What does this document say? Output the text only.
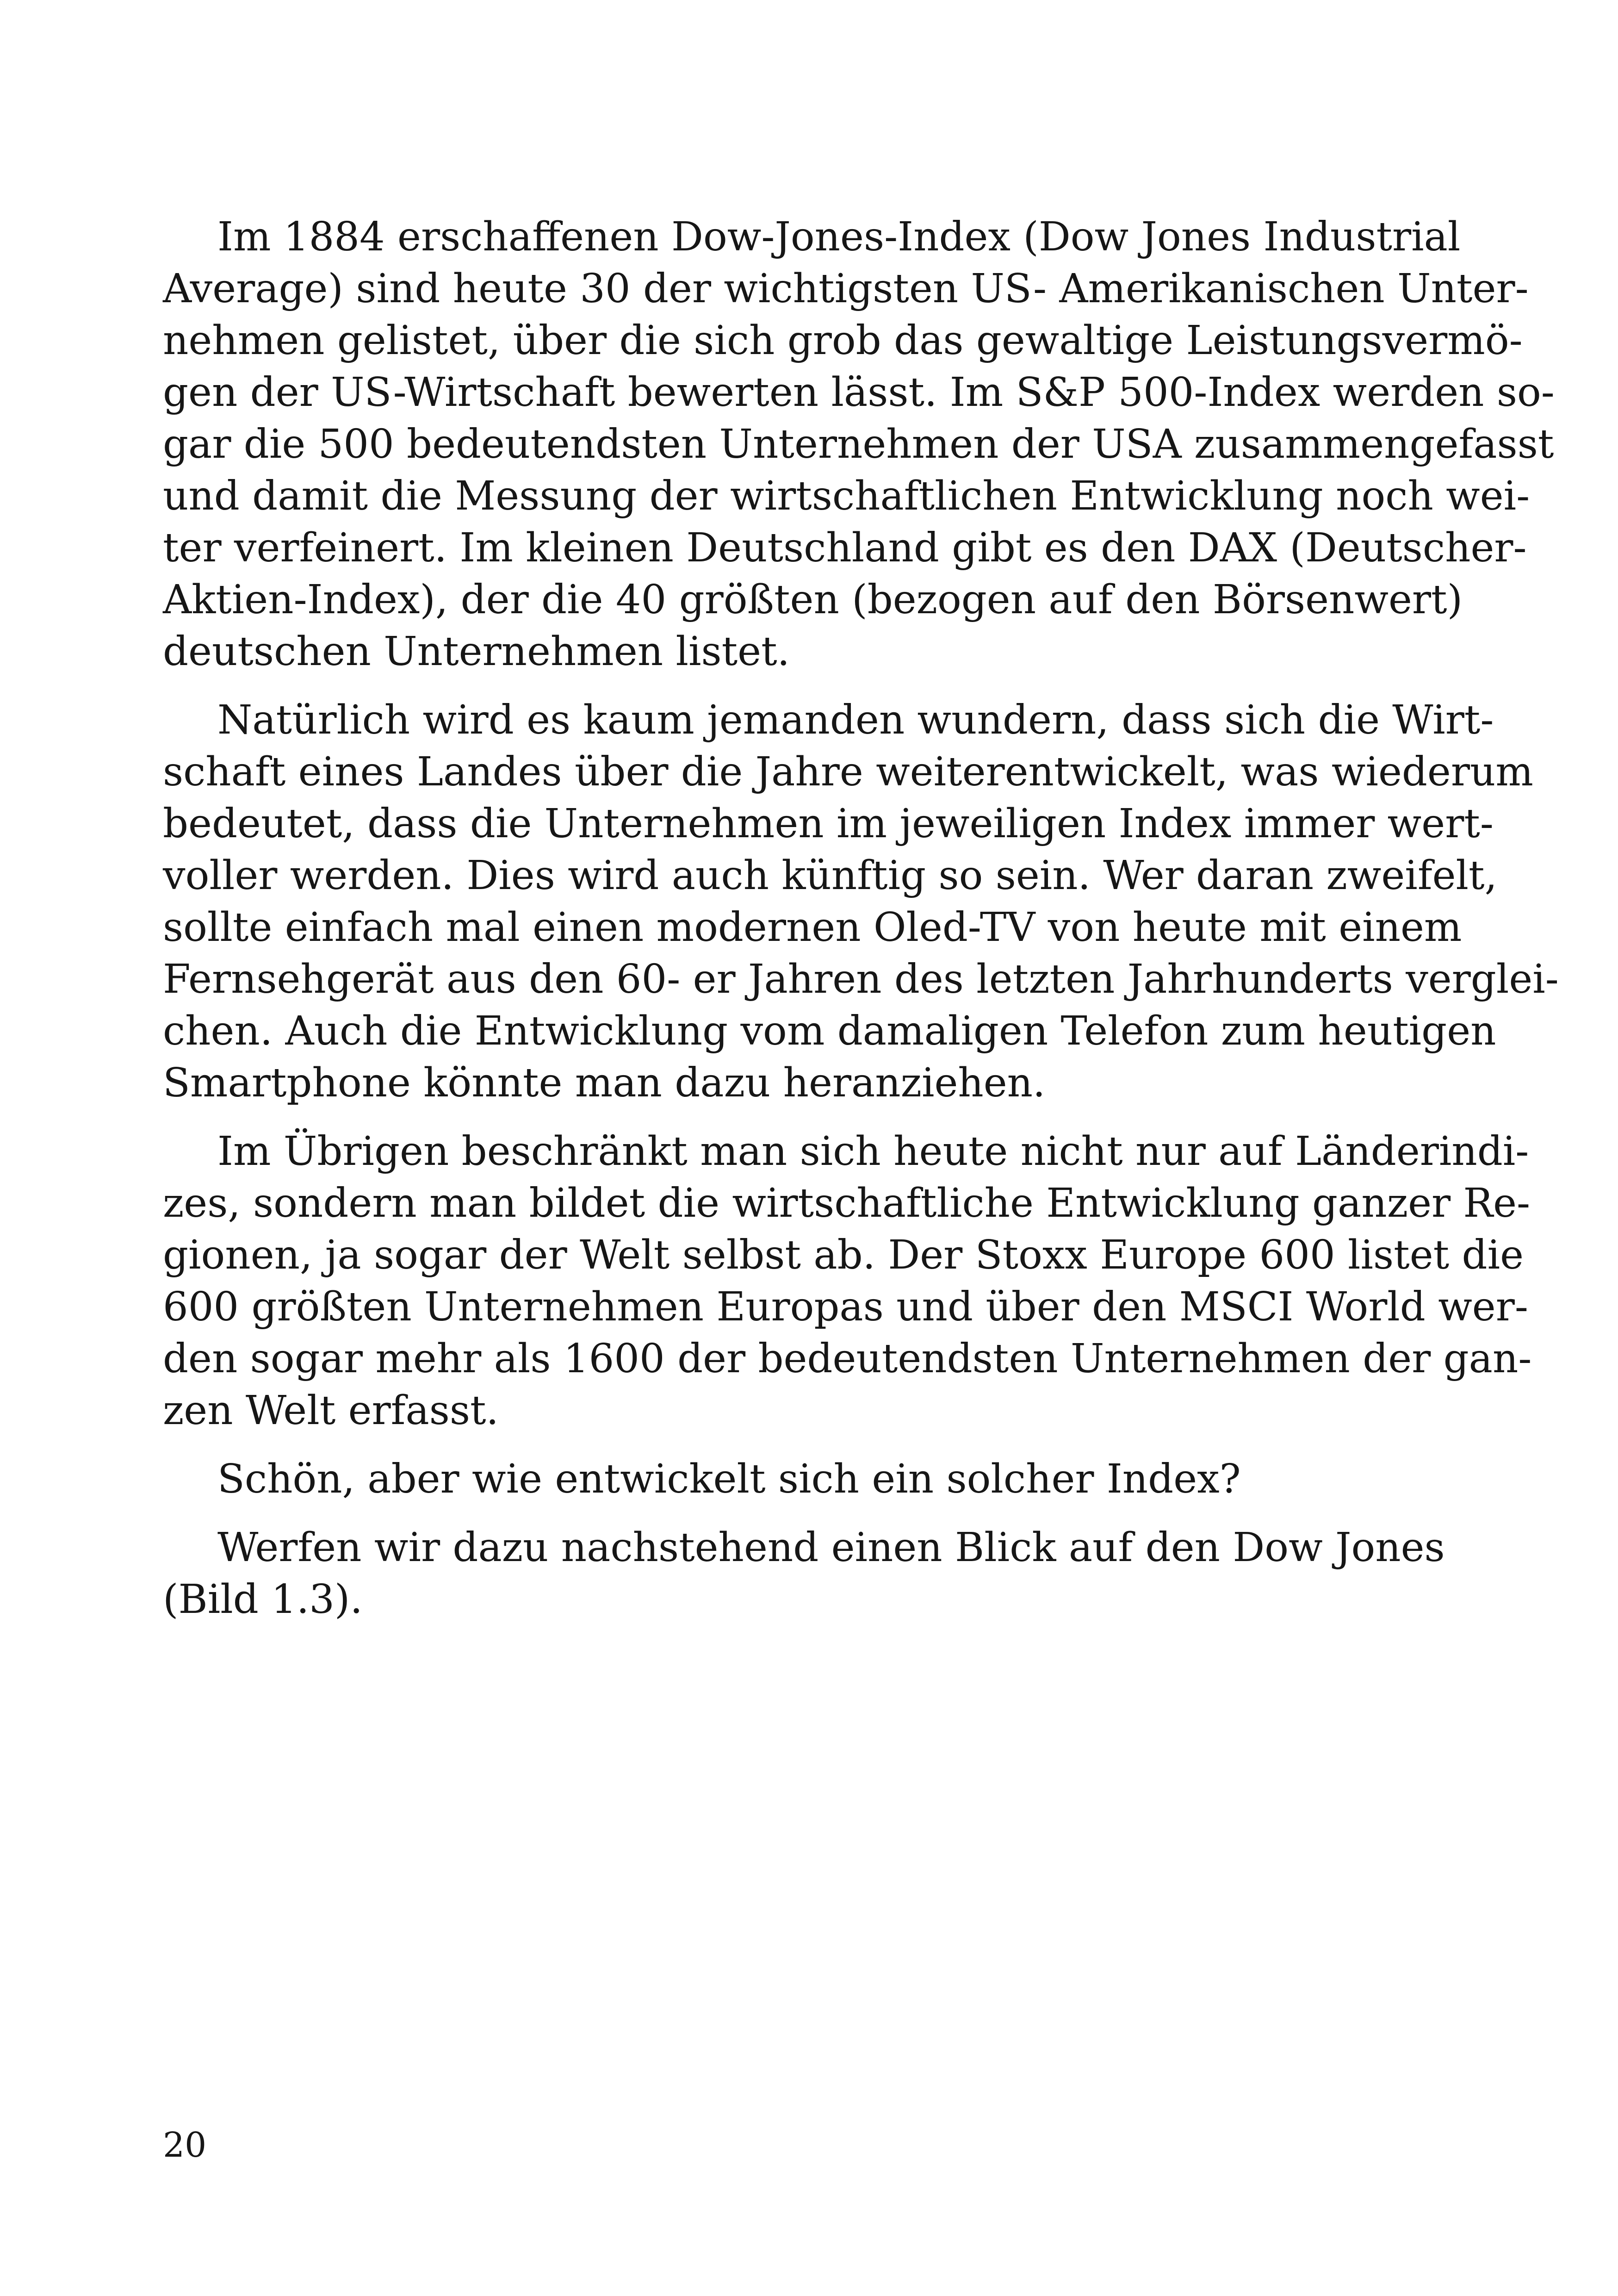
Im 1884 erschaffenen Dow-Jones-Index (Dow Jones Industrial
Average) sind heute 30 der wichtigsten US- Amerikanischen Unter-
nehmen gelistet, über die sich grob das gewaltige Leistungsvermö-
gen der US-Wirtschaft bewerten lässt. Im S&P 500-Index werden so-
gar die 500 bedeutendsten Unternehmen der USA zusammengefasst
und damit die Messung der wirtschaftlichen Entwicklung noch wei-
ter verfeinert. Im kleinen Deutschland gibt es den DAX (Deutscher-
Aktien-Index), der die 40 größten (bezogen auf den Börsenwert)
deutschen Unternehmen listet.
Natürlich wird es kaum jemanden wundern, dass sich die Wirt-
schaft eines Landes über die Jahre weiterentwickelt, was wiederum
bedeutet, dass die Unternehmen im jeweiligen Index immer wert-
voller werden. Dies wird auch künftig so sein. Wer daran zweifelt,
sollte einfach mal einen modernen Oled-TV von heute mit einem
Fernsehgerät aus den 60- er Jahren des letzten Jahrhunderts verglei-
chen. Auch die Entwicklung vom damaligen Telefon zum heutigen
Smartphone könnte man dazu heranziehen.
Im Übrigen beschränkt man sich heute nicht nur auf Länderindi-
zes, sondern man bildet die wirtschaftliche Entwicklung ganzer Re-
gionen, ja sogar der Welt selbst ab. Der Stoxx Europe 600 listet die
600 größten Unternehmen Europas und über den MSCI World wer-
den sogar mehr als 1600 der bedeutendsten Unternehmen der gan-
zen Welt erfasst.
Schön, aber wie entwickelt sich ein solcher Index?
Werfen wir dazu nachstehend einen Blick auf den Dow Jones
(Bild 1.3).
20
